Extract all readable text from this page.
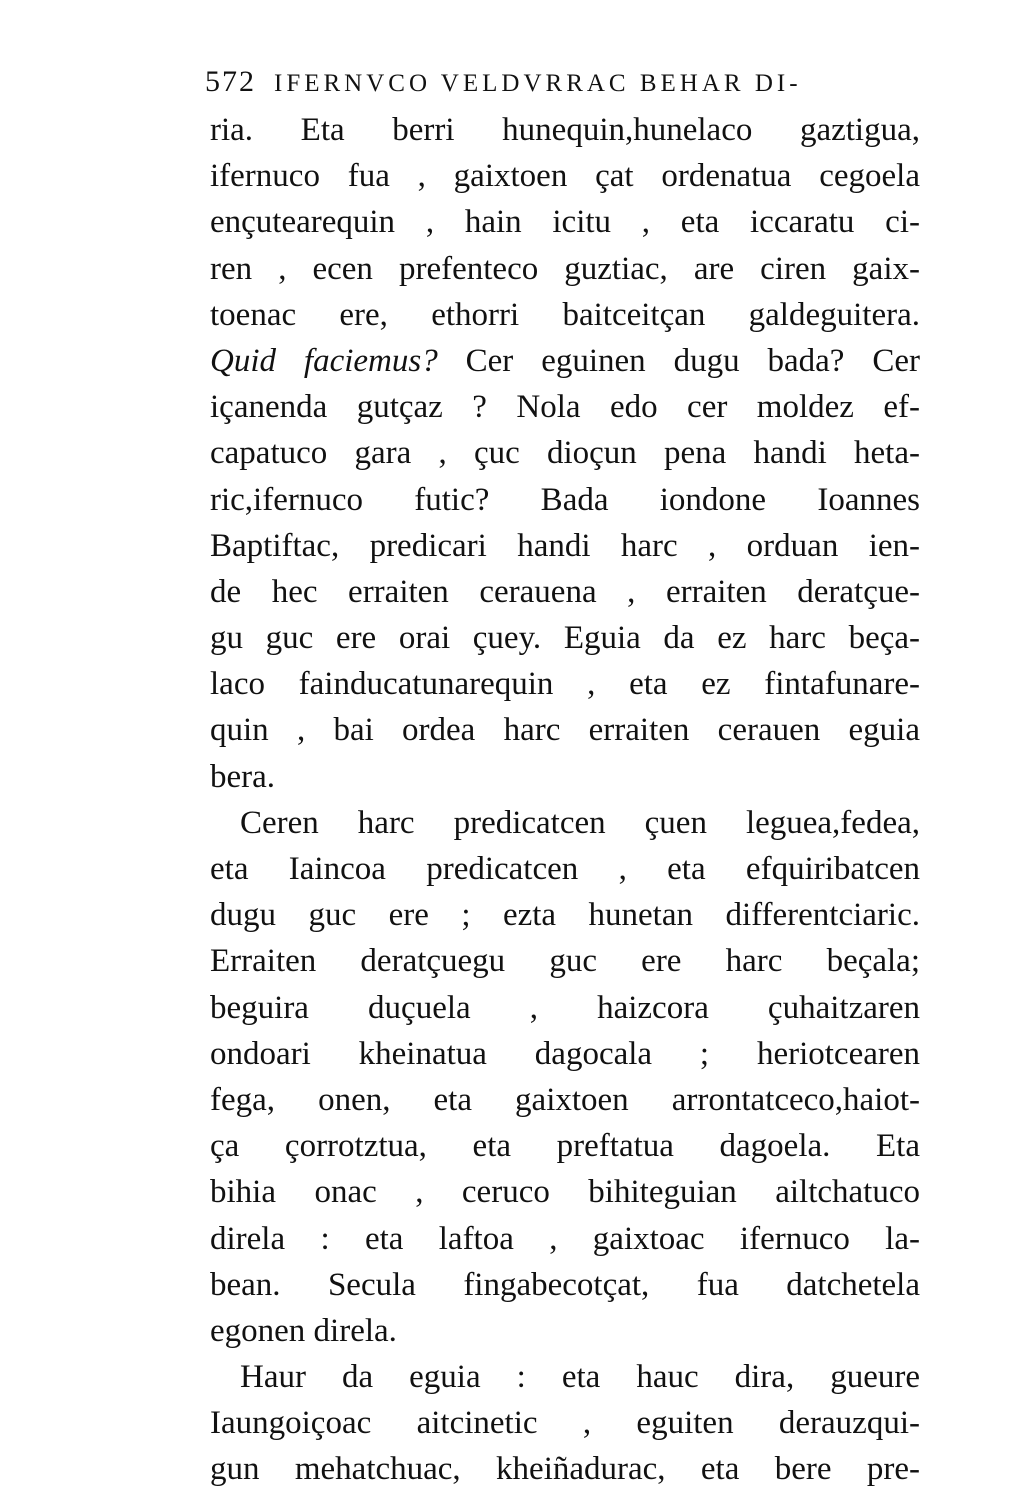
572 IFERNVCO VELDVRRAC BEHAR DI-
ria. Eta berri hunequin,hunelaco gaztigua,
ifernuco fua , gaixtoen çat ordenatua cegoela
ençutearequin , hain icitu , eta iccaratu ci-
ren , ecen prefenteco guztiac, are ciren gaix-
toenac ere, ethorri baitceitçan galdeguitera.
Quid faciemus? Cer eguinen dugu bada? Cer
içanenda gutçaz ? Nola edo cer moldez ef-
capatuco gara , çuc dioçun pena handi heta-
ric,ifernuco futic? Bada iondone Ioannes
Baptiftac, predicari handi harc , orduan ien-
de hec erraiten cerauena , erraiten deratçue-
gu guc ere orai çuey. Eguia da ez harc beça-
laco fainducatunarequin , eta ez fintafunare-
quin , bai ordea harc erraiten cerauen eguia
bera.
Ceren harc predicatcen çuen leguea,fedea,
eta Iaincoa predicatcen , eta efquiribatcen
dugu guc ere ; ezta hunetan differentciaric.
Erraiten deratçuegu guc ere harc beçala;
beguira duçuela , haizcora çuhaitzaren
ondoari kheinatua dagocala ; heriotcearen
fega, onen, eta gaixtoen arrontatceco,haiot-
ça çorrotztua, eta preftatua dagoela. Eta
bihia onac , ceruco bihiteguian ailtchatuco
direla : eta laftoa , gaixtoac ifernuco la-
bean. Secula fingabecotçat, fua datchetela
egonen direla.
Haur da eguia : eta hauc dira, gueure
Iaungoiçoac aitcinetic , eguiten derauzqui-
gun mehatchuac, kheiñadurac, eta bere pre-
